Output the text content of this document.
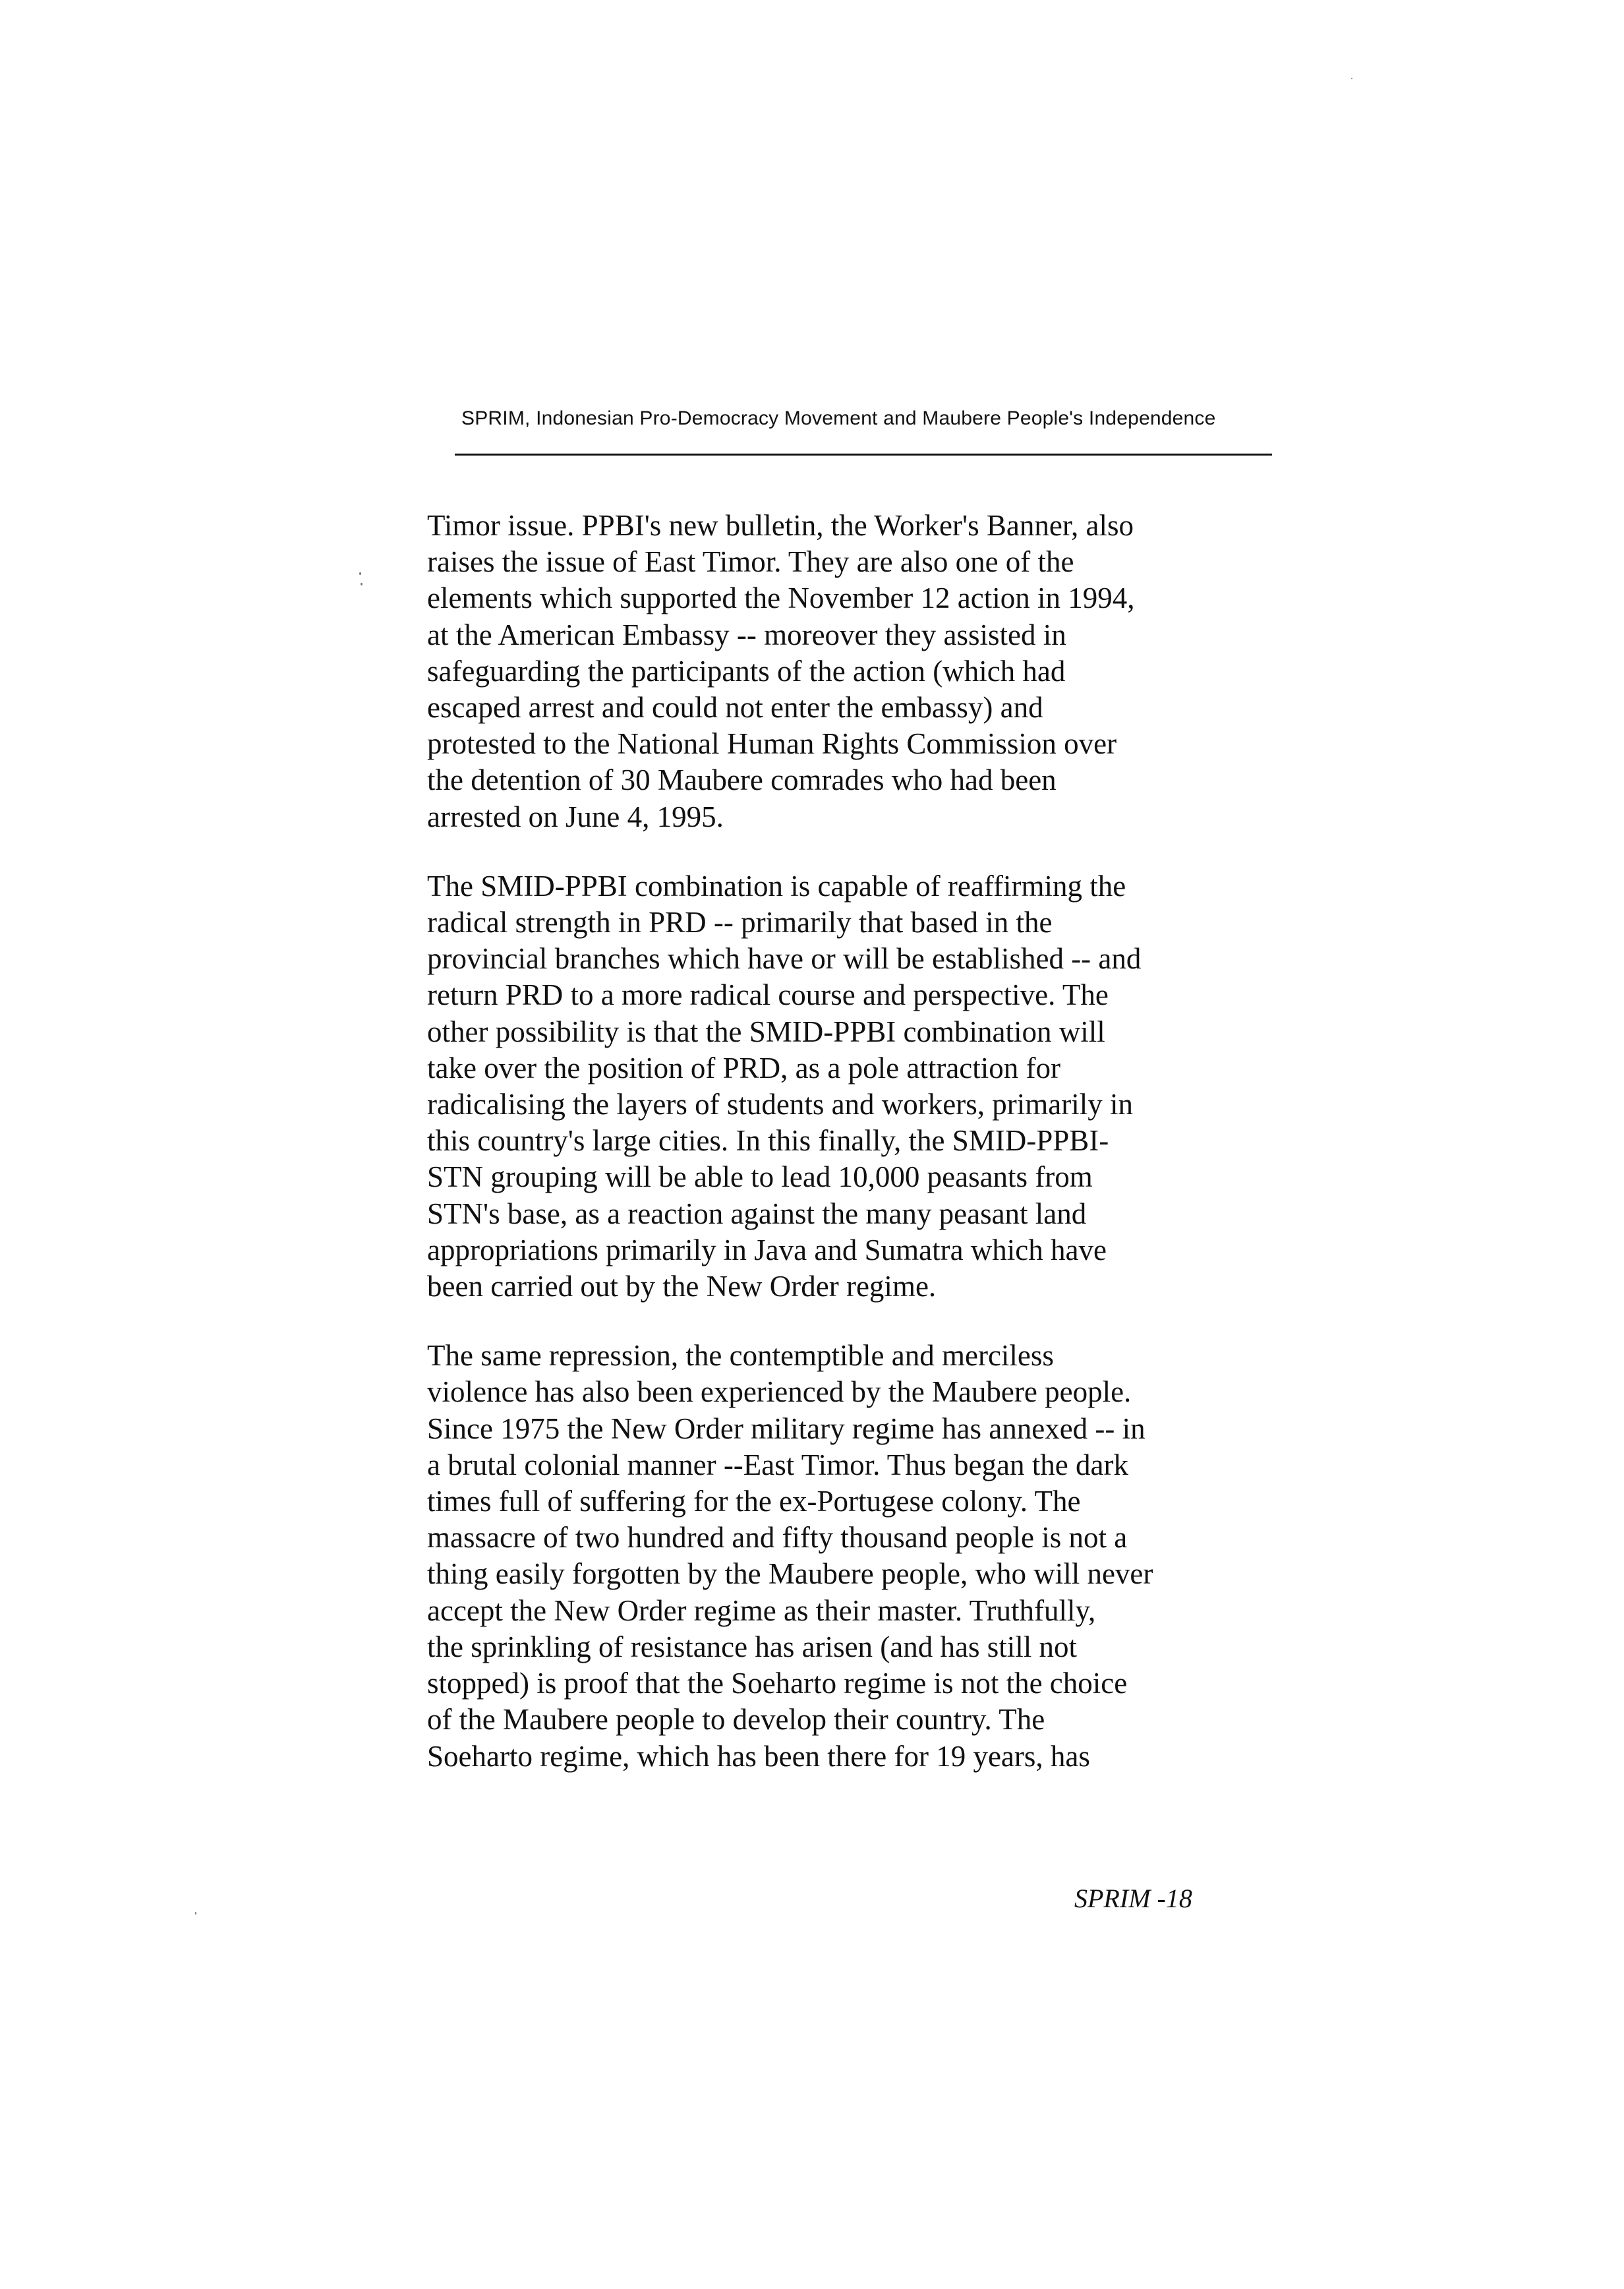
SPRIM, Indonesian Pro-Democracy Movement and Maubere People's Independence

Timor issue. PPBI's new bulletin, the Worker's Banner, also
raises the issue of East Timor. They are also one of the
elements which supported the November 12 action in 1994,
at the American Embassy -- moreover they assisted in
safeguarding the participants of the action (which had
escaped arrest and could not enter the embassy) and
protested to the National Human Rights Commission over
the detention of 30 Maubere comrades who had been
arrested on June 4, 1995.

The SMID-PPBI combination is capable of reaffirming the
radical strength in PRD -- primarily that based in the
provincial branches which have or will be established -- and
return PRD to a more radical course and perspective. The
other possibility is that the SMID-PPBI combination will
take over the position of PRD, as a pole attraction for
radicalising the layers of students and workers, primarily in
this country's large cities. In this finally, the SMID-PPBI-
STN grouping will be able to lead 10,000 peasants from
STN's base, as a reaction against the many peasant land
appropriations primarily in Java and Sumatra which have
been carried out by the New Order regime.

The same repression, the contemptible and merciless
violence has also been experienced by the Maubere people.
Since 1975 the New Order military regime has annexed -- in
a brutal colonial manner --East Timor. Thus began the dark
times full of suffering for the ex-Portugese colony. The
massacre of two hundred and fifty thousand people is not a
thing easily forgotten by the Maubere people, who will never
accept the New Order regime as their master. Truthfully,
the sprinkling of resistance has arisen (and has still not
stopped) is proof that the Soeharto regime is not the choice
of the Maubere people to develop their country. The
Soeharto regime, which has been there for 19 years, has

SPRIM -18
